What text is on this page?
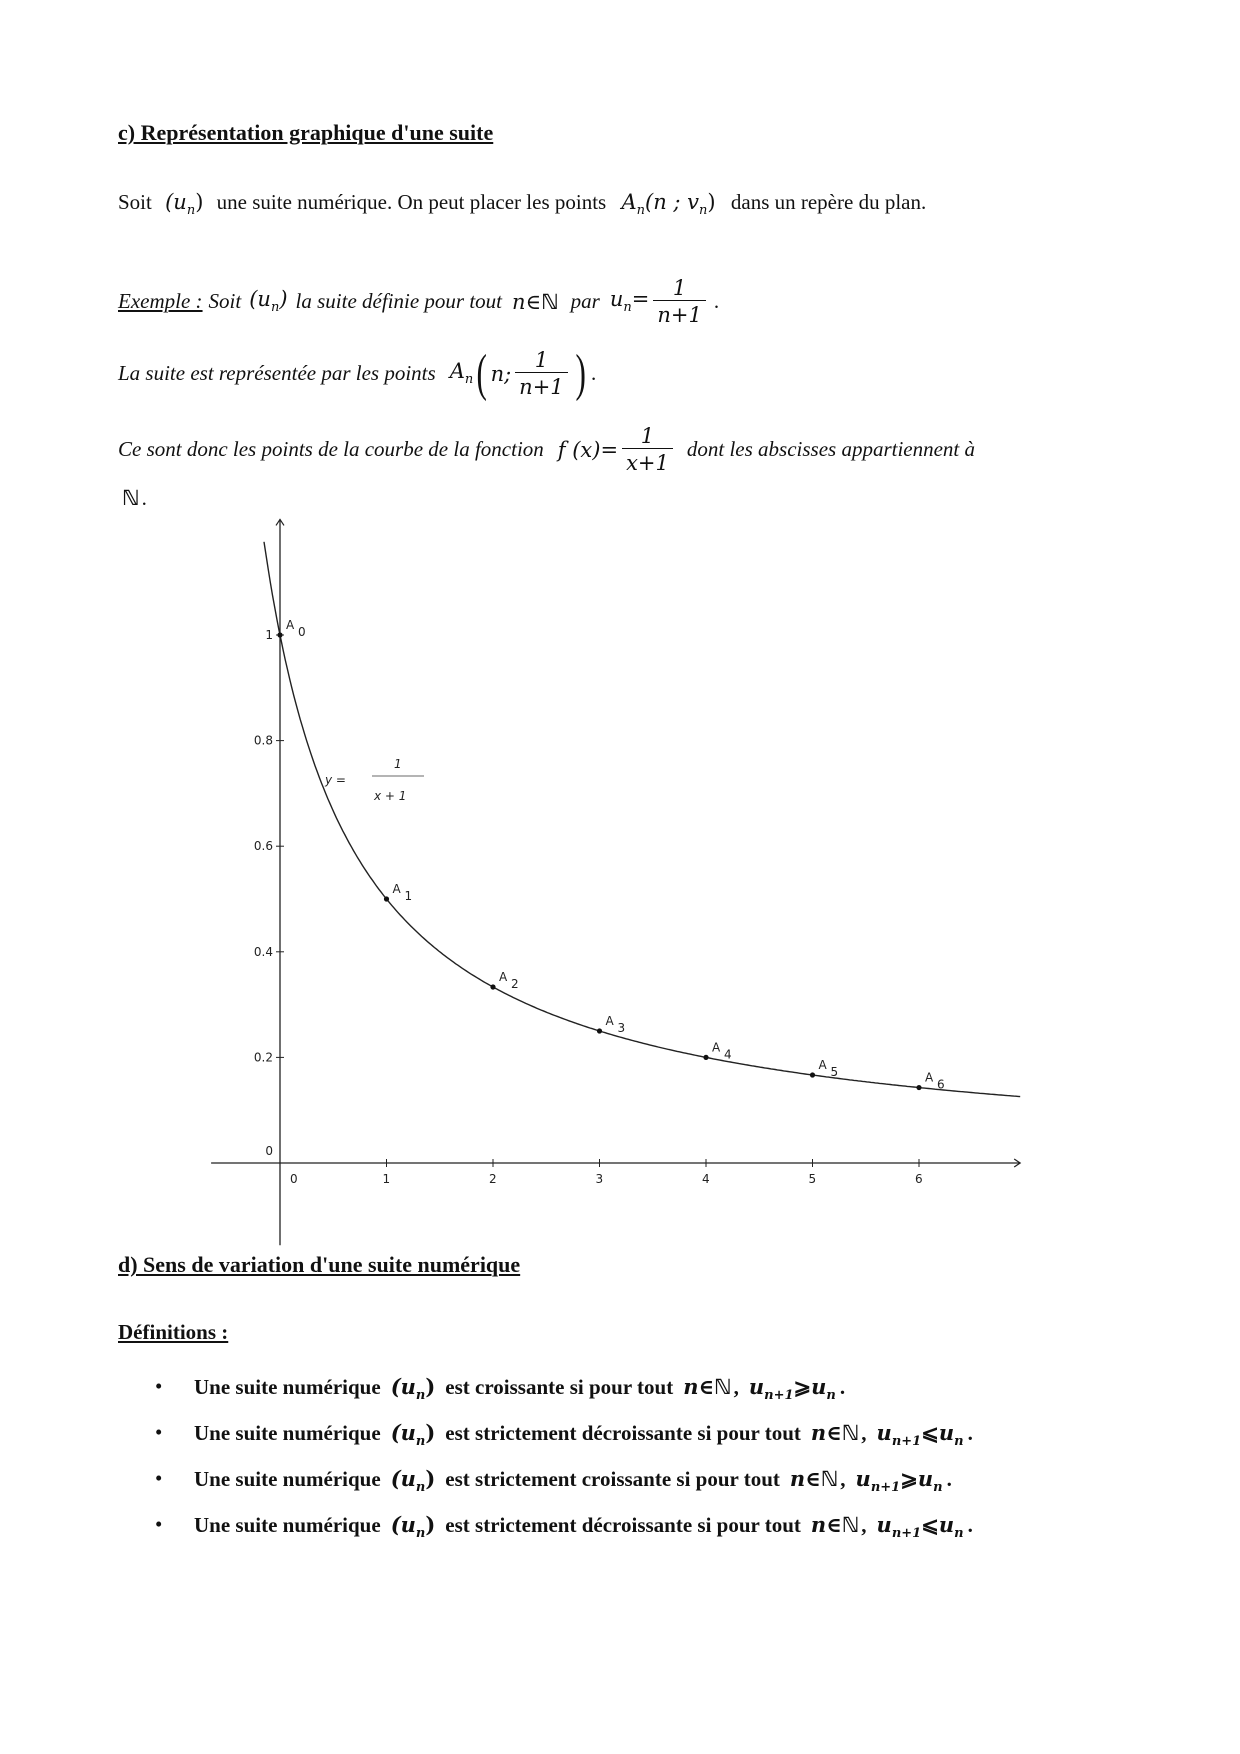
c) Représentation graphique d'une suite
Soit $(u_n)$ une suite numérique. On peut placer les points $A_n(n$ ; $v_n$) dans un repère du plan.
Exemple : Soit $(u_n)$ la suite définie pour tout n∈ ℕ par $u_n= \frac{1}{n+1}$ .
La suite est représentée par les points $A_n$ ( n; $\frac{1}{n+1}$ ) .
Ce sont donc les points de la courbe de la fonction f $(x)= \frac{1}{x+1}$ dont les abscisses appartiennent à
ℕ.
1	2	3	4	5	6
0
0.2
0.4
0.6
0.8
1
0
y =
1
x + 1
A 0
A 1
A 2
A 3
A 4
A 5	A 6
d) Sens de variation d'une suite numérique
Définitions :
• Une suite numérique $(u_n)$ est croissante si pour tout n∈ℕ, $u_{n+1}⩾u_n$ .
• Une suite numérique $(u_n)$ est strictement décroissante si pour tout n∈ℕ, $u_{n+1}⩽u_n$ .
• Une suite numérique $(u_n)$ est strictement croissante si pour tout n∈ℕ, $u_{n+1}⩾u_n$ .
• Une suite numérique $(u_n)$ est strictement décroissante si pour tout n∈ℕ, $u_{n+1}⩽u_n$ .
